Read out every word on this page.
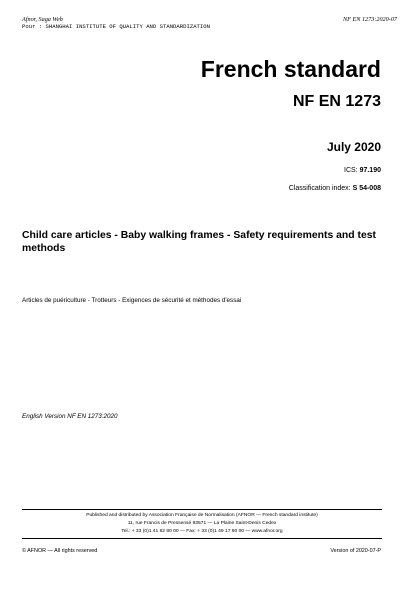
Afnor, Saga Web
Pour : SHANGHAI INSTITUTE OF QUALITY AND STANDARDIZATION
NF EN 1273:2020-07
French standard
NF EN 1273
July 2020
ICS: 97.190
Classification index: S 54-008
Child care articles - Baby walking frames - Safety requirements and test methods
Articles de puériculture - Trotteurs - Exigences de sécurité et méthodes d'essai
English Version NF EN 1273:2020
Published and distributed by Association Française de Normalisation (AFNOR — French standard institute)
11, rue Francis de Pressensé 93571 — La Plaine Saint-Denis Cedex
Tel.: + 33 (0)1 41 62 80 00 — Fax: + 33 (0)1 49 17 90 00 — www.afnor.org
© AFNOR — All rights reserved	Version of 2020-07-P
